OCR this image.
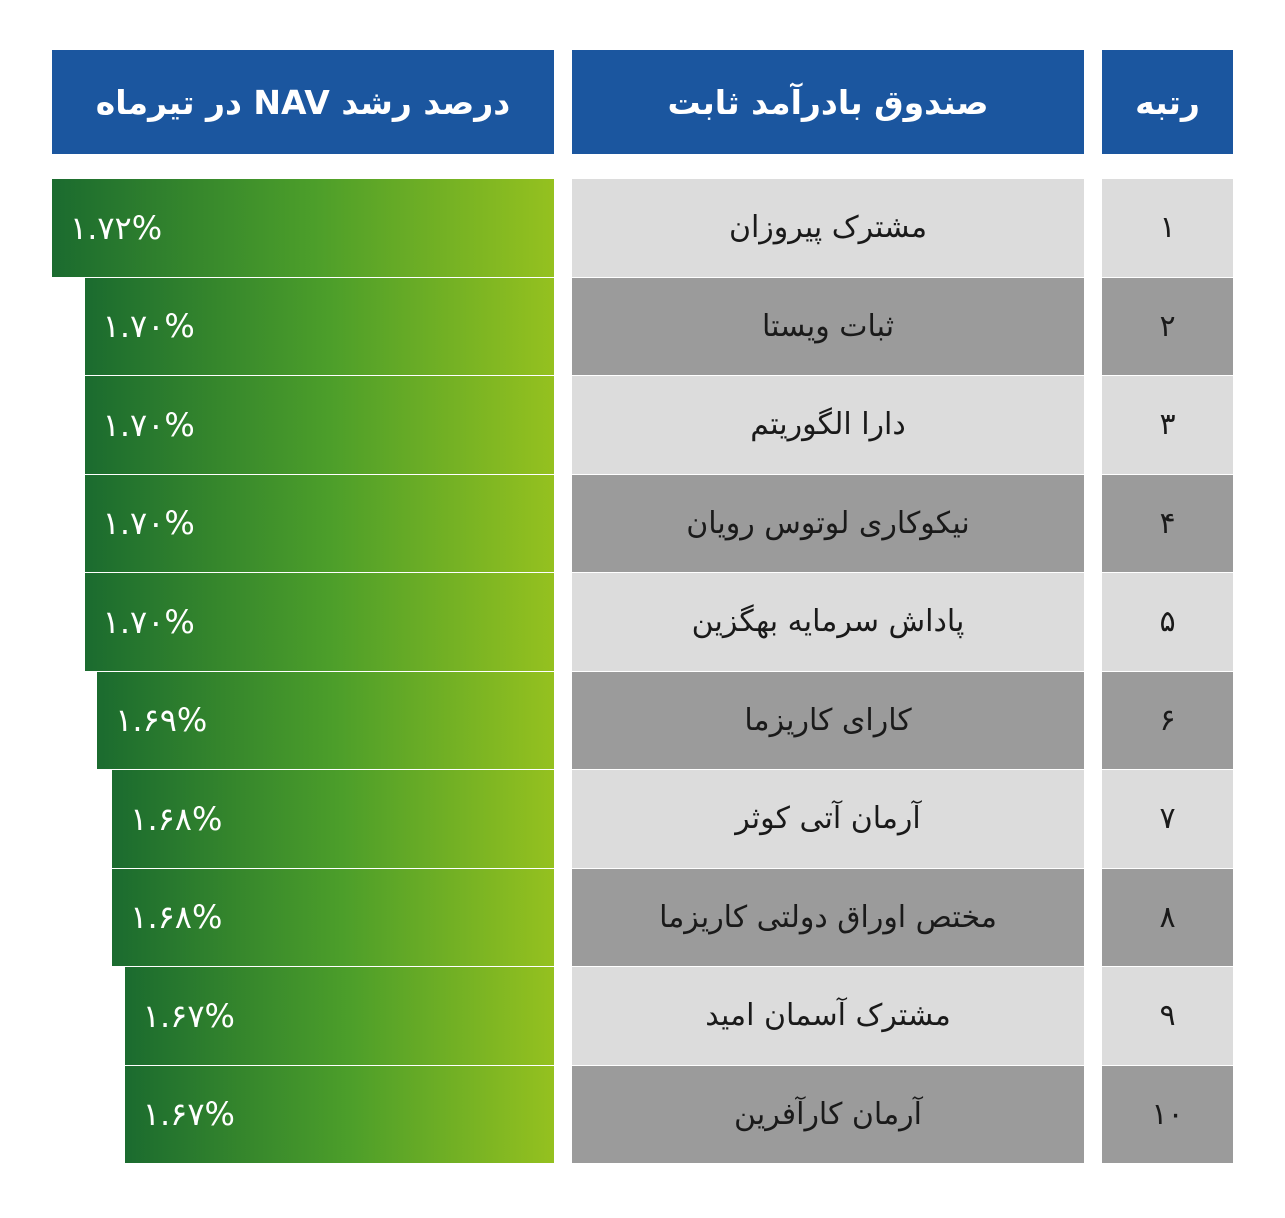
رتبه
صندوق بادرآمد ثابت
درصد رشد NAV در تیرماه
۱
مشترک پیروزان
۱.۷۲%
۲
ثبات ویستا
۱.۷۰%
۳
دارا الگوریتم
۱.۷۰%
۴
نیکوکاری لوتوس رویان
۱.۷۰%
۵
پاداش سرمایه بهگزین
۱.۷۰%
۶
کارای کاریزما
۱.۶۹%
۷
آرمان آتی کوثر
۱.۶۸%
۸
مختص اوراق دولتی کاریزما
۱.۶۸%
۹
مشترک آسمان امید
۱.۶۷%
۱۰
آرمان کارآفرین
۱.۶۷%
